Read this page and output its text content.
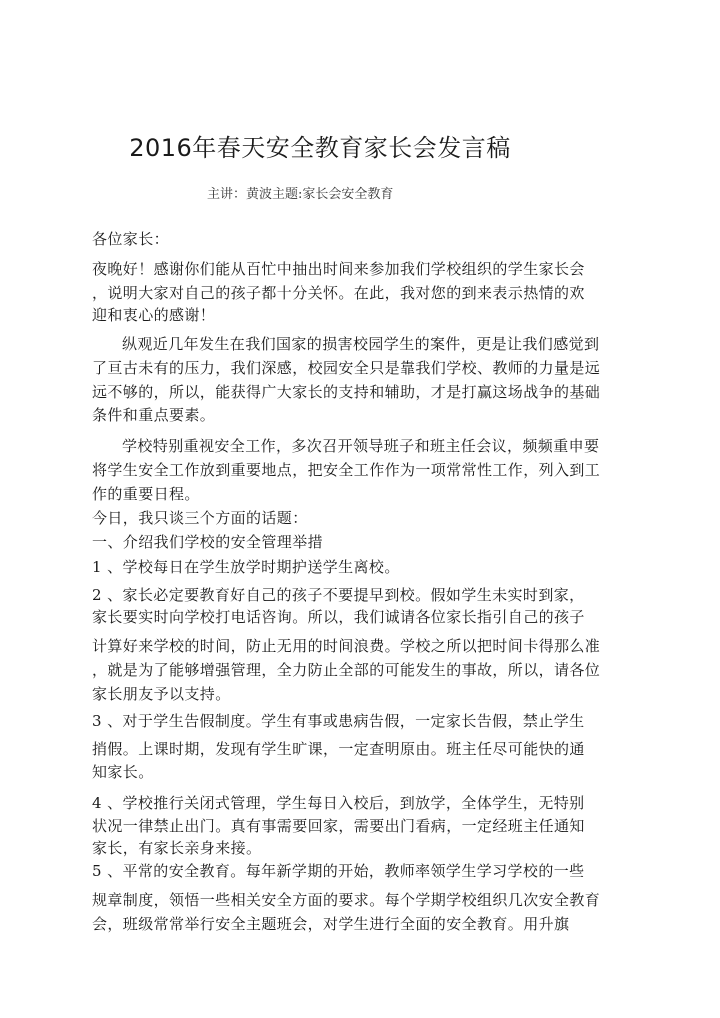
2016年春天安全教育家长会发言稿
主讲：黄波主题:家长会安全教育
各位家长：
夜晚好！感谢你们能从百忙中抽出时间来参加我们学校组织的学生家长会
，说明大家对自己的孩子都十分关怀。在此，我对您的到来表示热情的欢
迎和衷心的感谢！
纵观近几年发生在我们国家的损害校园学生的案件，更是让我们感觉到
了亘古未有的压力，我们深感，校园安全只是靠我们学校、教师的力量是远
远不够的，所以，能获得广大家长的支持和辅助，才是打赢这场战争的基础
条件和重点要素。
学校特别重视安全工作，多次召开领导班子和班主任会议，频频重申要
将学生安全工作放到重要地点，把安全工作作为一项常常性工作，列入到工
作的重要日程。
今日，我只谈三个方面的话题：
一、介绍我们学校的安全管理举措
1 、学校每日在学生放学时期护送学生离校。
2 、家长必定要教育好自己的孩子不要提早到校。假如学生未实时到家，
家长要实时向学校打电话咨询。所以，我们诚请各位家长指引自己的孩子
计算好来学校的时间，防止无用的时间浪费。学校之所以把时间卡得那么准
，就是为了能够增强管理，全力防止全部的可能发生的事故，所以，请各位
家长朋友予以支持。
3 、对于学生告假制度。学生有事或患病告假，一定家长告假，禁止学生
捎假。上课时期，发现有学生旷课，一定查明原由。班主任尽可能快的通
知家长。
4 、学校推行关闭式管理，学生每日入校后，到放学，全体学生，无特别
状况一律禁止出门。真有事需要回家，需要出门看病，一定经班主任通知
家长，有家长亲身来接。
5 、平常的安全教育。每年新学期的开始，教师率领学生学习学校的一些
规章制度，领悟一些相关安全方面的要求。每个学期学校组织几次安全教育
会，班级常常举行安全主题班会，对学生进行全面的安全教育。用升旗
